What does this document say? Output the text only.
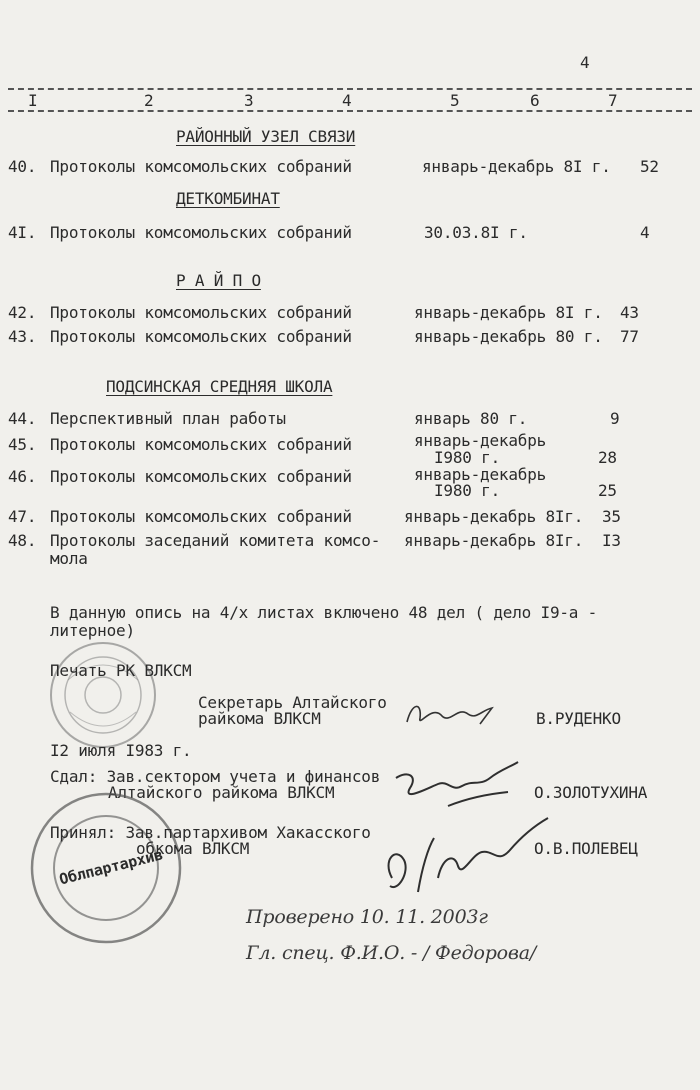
4
I	2	3	4	5	6	7
РАЙОННЫЙ УЗЕЛ СВЯЗИ
40. Протоколы комсомольских собраний	январь-декабрь 8I г. 52
ДЕТКОМБИНАТ
4I. Протоколы комсомольских собраний	30.03.8I г.	4
Р А Й П О
42. Протоколы комсомольских собраний	январь-декабрь 8I г. 43
43. Протоколы комсомольских собраний	январь-декабрь 80 г. 77
ПОДСИНСКАЯ СРЕДНЯЯ ШКОЛА
44. Перспективный план работы	январь 80 г.	9
45. Протоколы комсомольских собраний	январь-декабрь
I980 г.	28
46. Протоколы комсомольских собраний	январь-декабрь
I980 г.	25
47. Протоколы комсомольских собраний	январь-декабрь 8Iг. 35
48. Протоколы заседаний комитета комсо-
мола
январь-декабрь 8Iг. I3
В данную опись на 4/х листах включено 48 дел ( дело I9-а -
литерное)
Печать РК ВЛКСМ
Секретарь Алтайского
райкома ВЛКСМ	В.РУДЕНКО
I2 июля I983 г.
Сдал: Зав.сектором учета и финансов
Алтайского райкома ВЛКСМ	О.ЗОЛОТУХИНА
Облпартархив
Принял: Зав.партархивом Хакасского
обкома ВЛКСМ	О.В.ПОЛЕВЕЦ
Проверено 10. 11. 2003г
Гл. спец. Ф.И.О. - / Федорова/
